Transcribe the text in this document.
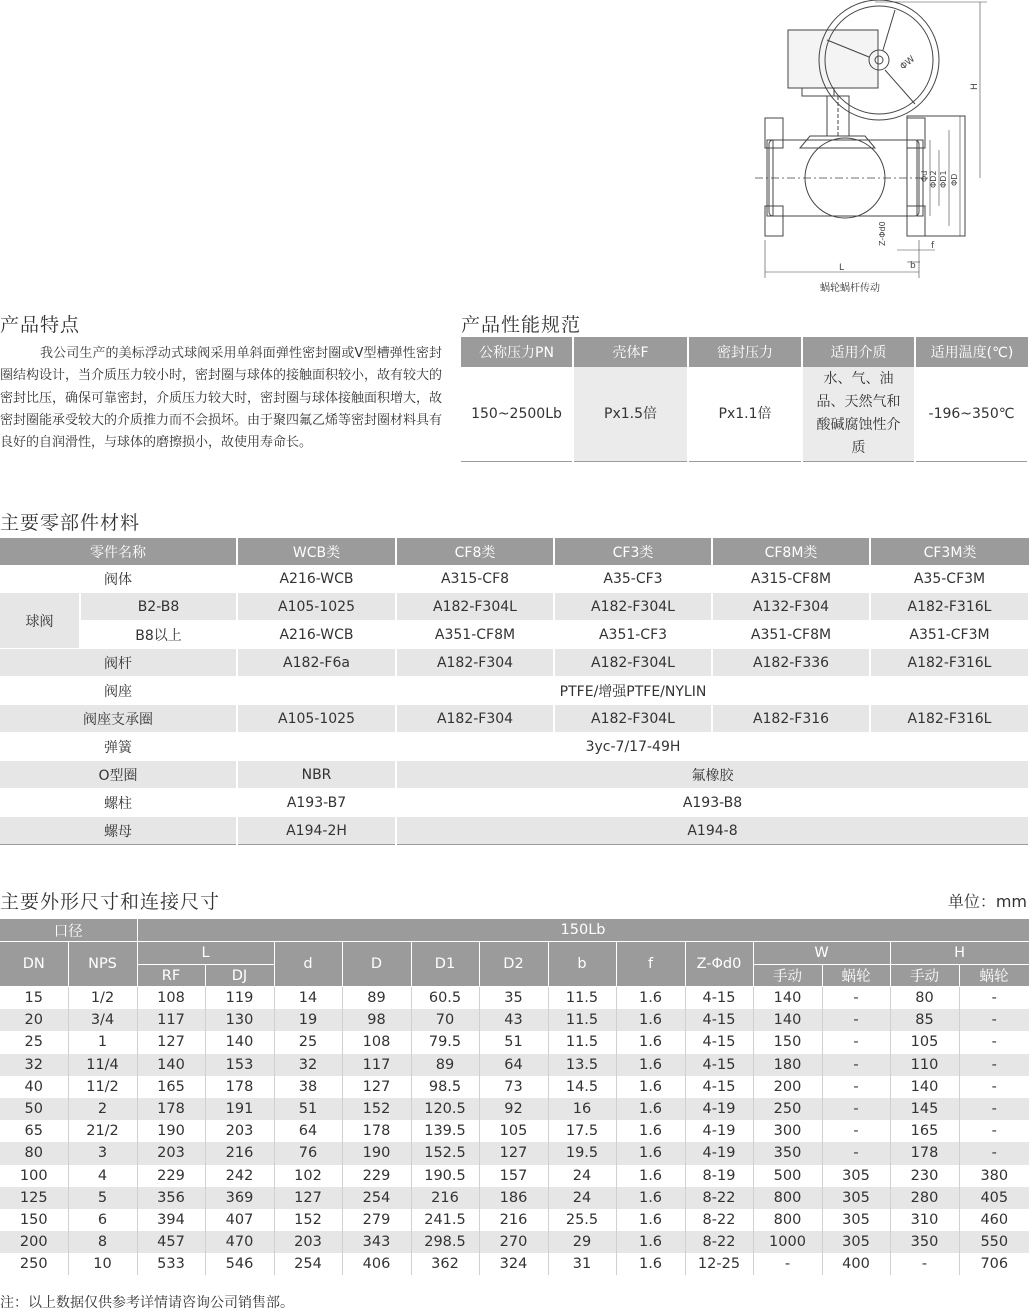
ΦW
H
Φd ΦD2 ΦD1 ΦD
Z-Φd0	f
b
L
蜗轮蜗杆传动
产品特点
我公司生产的美标浮动式球阀采用单斜面弹性密封圈或V型槽弹性密封圈结构设计，当介质压力较小时，密封圈与球体的接触面积较小，故有较大的密封比压，确保可靠密封，介质压力较大时，密封圈与球体接触面积增大，故密封圈能承受较大的介质推力而不会损坏。由于聚四氟乙烯等密封圈材料具有良好的自润滑性，与球体的磨擦损小，故使用寿命长。
产品性能规范
公称压力PN	壳体F	密封压力	适用介质	适用温度(℃)
150~2500Lb	Px1.5倍	Px1.1倍	水、气、油品、天然气和酸碱腐蚀性介质	-196~350℃
主要零部件材料
零件名称		WCB类	CF8类	CF3类	CF8M类	CF3M类
阀体		A216-WCB	A315-CF8	A35-CF3	A315-CF8M	A35-CF3M
球阀	B2-B8	A105-1025	A182-F304L	A182-F304L	A132-F304	A182-F316L
	B8以上	A216-WCB	A351-CF8M	A351-CF3	A351-CF8M	A351-CF3M
阀杆		A182-F6a	A182-F304	A182-F304L	A182-F336	A182-F316L
阀座		PTFE/增强PTFE/NYLIN				
阀座支承圈		A105-1025	A182-F304	A182-F304L	A182-F316	A182-F316L
弹簧		3yc-7/17-49H				
O型圈		NBR	氟橡胶			
螺柱		A193-B7	A193-B8			
螺母		A194-2H	A194-8			
主要外形尺寸和连接尺寸	单位：mm
口径		150Lb												
DN	NPS	L		d	D	D1	D2	b	f	Z-Φd0	W		H	
		RF	DJ								手动	蜗轮	手动	蜗轮
15	1/2	108	119	14	89	60.5	35	11.5	1.6	4-15	140	-	80	-
20	3/4	117	130	19	98	70	43	11.5	1.6	4-15	140	-	85	-
25	1	127	140	25	108	79.5	51	11.5	1.6	4-15	150	-	105	-
32	11/4	140	153	32	117	89	64	13.5	1.6	4-15	180	-	110	-
40	11/2	165	178	38	127	98.5	73	14.5	1.6	4-15	200	-	140	-
50	2	178	191	51	152	120.5	92	16	1.6	4-19	250	-	145	-
65	21/2	190	203	64	178	139.5	105	17.5	1.6	4-19	300	-	165	-
80	3	203	216	76	190	152.5	127	19.5	1.6	4-19	350	-	178	-
100	4	229	242	102	229	190.5	157	24	1.6	8-19	500	305	230	380
125	5	356	369	127	254	216	186	24	1.6	8-22	800	305	280	405
150	6	394	407	152	279	241.5	216	25.5	1.6	8-22	800	305	310	460
200	8	457	470	203	343	298.5	270	29	1.6	8-22	1000	305	350	550
250	10	533	546	254	406	362	324	31	1.6	12-25	-	400	-	706
注：以上数据仅供参考详情请咨询公司销售部。
